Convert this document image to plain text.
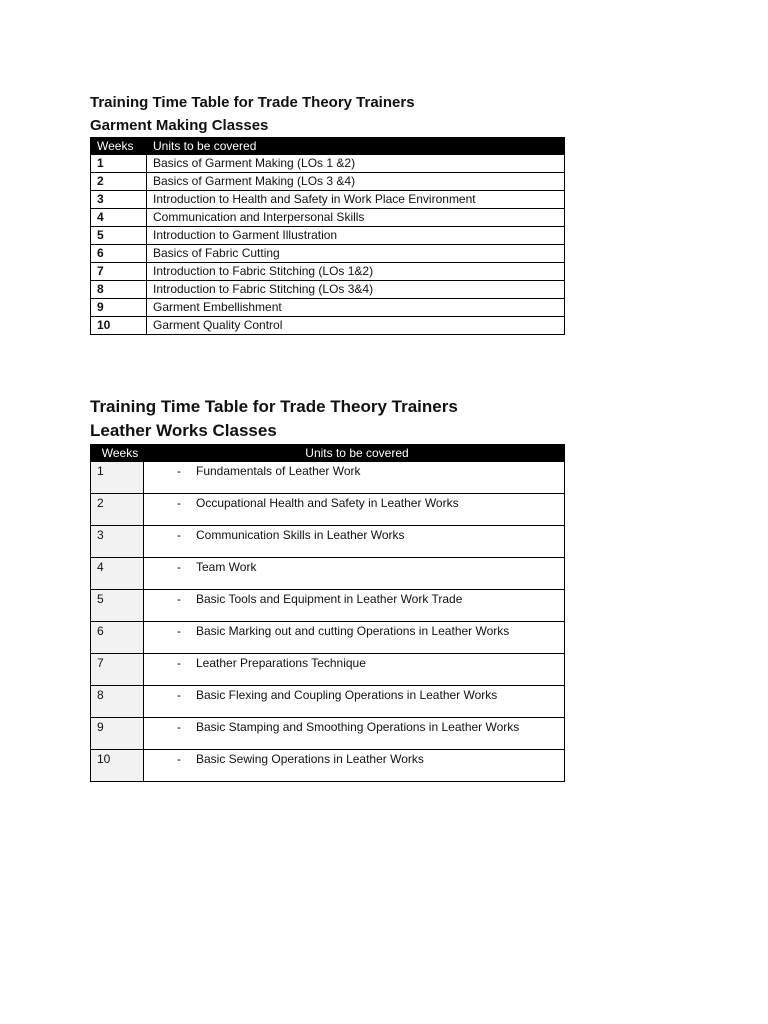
Training Time Table for Trade Theory Trainers
Garment Making Classes
Weeks	Units to be covered
1	Basics of Garment Making (LOs 1 &2)
2	Basics of Garment Making (LOs 3 &4)
3	Introduction to Health and Safety in Work Place Environment
4	Communication and Interpersonal Skills
5	Introduction to Garment Illustration
6	Basics of Fabric Cutting
7	Introduction to Fabric Stitching (LOs 1&2)
8	Introduction to Fabric Stitching (LOs 3&4)
9	Garment Embellishment
10	Garment Quality Control
Training Time Table for Trade Theory Trainers
Leather Works Classes
Weeks	Units to be covered
1	- Fundamentals of Leather Work
2	- Occupational Health and Safety in Leather Works
3	- Communication Skills in Leather Works
4	- Team Work
5	- Basic Tools and Equipment in Leather Work Trade
6	- Basic Marking out and cutting Operations in Leather Works
7	- Leather Preparations Technique
8	- Basic Flexing and Coupling Operations in Leather Works
9	- Basic Stamping and Smoothing Operations in Leather Works
10	- Basic Sewing Operations in Leather Works
